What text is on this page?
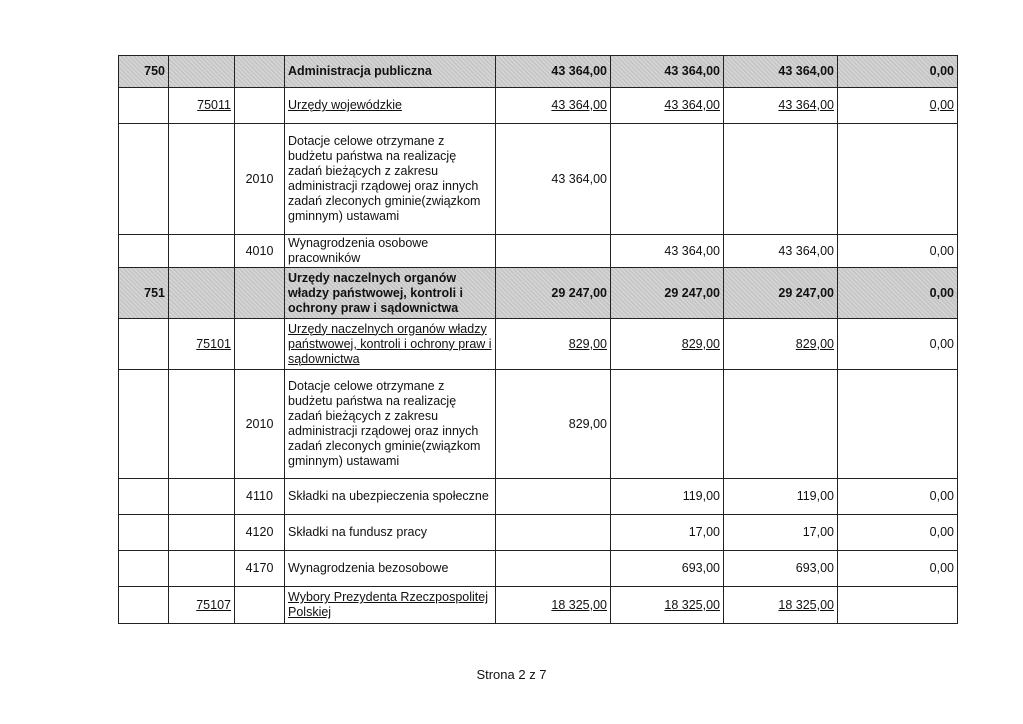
750			Administracja publiczna	43 364,00	43 364,00	43 364,00	0,00
	75011		Urzędy wojewódzkie	43 364,00	43 364,00	43 364,00	0,00
		2010	Dotacje celowe otrzymane z budżetu państwa na realizację zadań bieżących z zakresu administracji rządowej oraz innych zadań zleconych gminie(związkom gminnym) ustawami	43 364,00			
		4010	Wynagrodzenia osobowe pracowników		43 364,00	43 364,00	0,00
751			Urzędy naczelnych organów władzy państwowej, kontroli i ochrony praw i sądownictwa	29 247,00	29 247,00	29 247,00	0,00
	75101		Urzędy naczelnych organów władzy państwowej, kontroli i ochrony praw i sądownictwa	829,00	829,00	829,00	0,00
		2010	Dotacje celowe otrzymane z budżetu państwa na realizację zadań bieżących z zakresu administracji rządowej oraz innych zadań zleconych gminie(związkom gminnym) ustawami	829,00			
		4110	Składki na ubezpieczenia społeczne		119,00	119,00	0,00
		4120	Składki na fundusz pracy		17,00	17,00	0,00
		4170	Wynagrodzenia bezosobowe		693,00	693,00	0,00
	75107		Wybory Prezydenta Rzeczpospolitej Polskiej	18 325,00	18 325,00	18 325,00	
Strona 2 z 7
